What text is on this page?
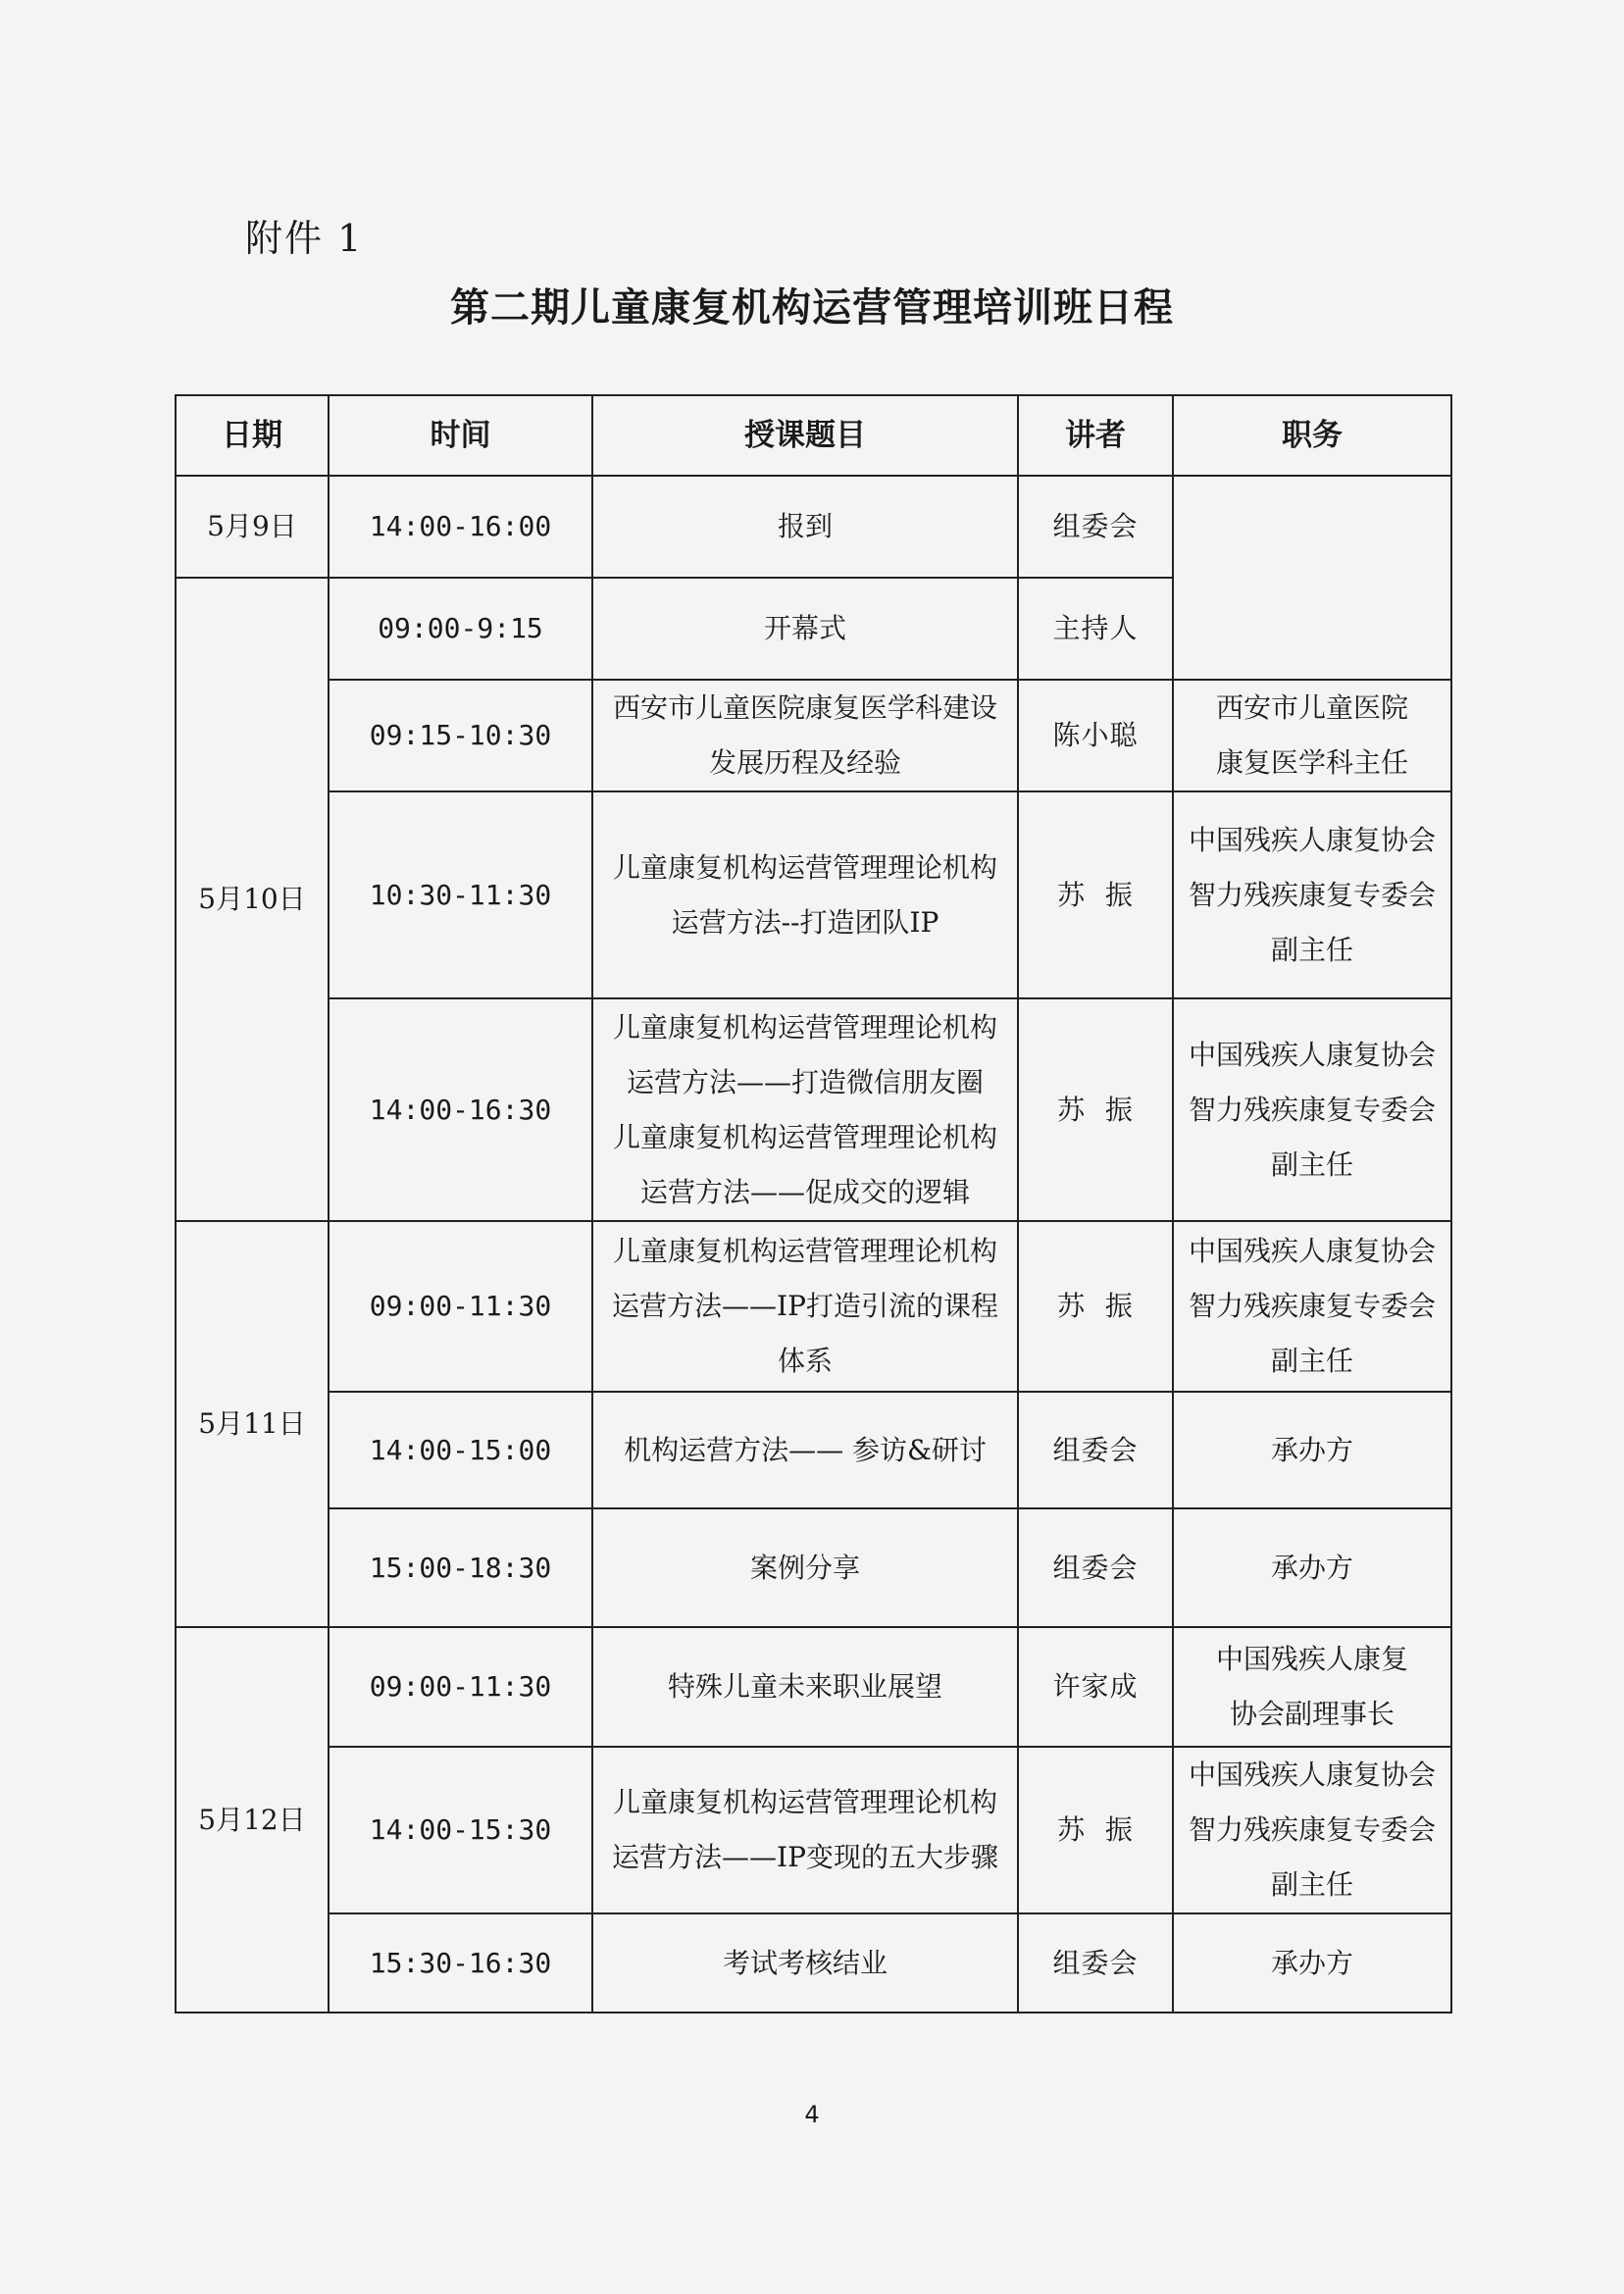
附件 1
第二期儿童康复机构运营管理培训班日程
日期	时间	授课题目	讲者	职务
5月9日	14:00-16:00	报到	组委会	
5月10日	09:00-9:15	开幕式	主持人	
	09:15-10:30	西安市儿童医院康复医学科建设
发展历程及经验	陈小聪	西安市儿童医院
康复医学科主任
	10:30-11:30	儿童康复机构运营管理理论机构
运营方法--打造团队IP	苏  振	中国残疾人康复协会
智力残疾康复专委会
副主任
	14:00-16:30	儿童康复机构运营管理理论机构
运营方法——打造微信朋友圈
儿童康复机构运营管理理论机构
运营方法——促成交的逻辑	苏  振	中国残疾人康复协会
智力残疾康复专委会
副主任
5月11日	09:00-11:30	儿童康复机构运营管理理论机构
运营方法——IP打造引流的课程
体系	苏  振	中国残疾人康复协会
智力残疾康复专委会
副主任
	14:00-15:00	机构运营方法—— 参访&研讨	组委会	承办方
	15:00-18:30	案例分享	组委会	承办方
5月12日	09:00-11:30	特殊儿童未来职业展望	许家成	中国残疾人康复
协会副理事长
	14:00-15:30	儿童康复机构运营管理理论机构
运营方法——IP变现的五大步骤	苏  振	中国残疾人康复协会
智力残疾康复专委会
副主任
	15:30-16:30	考试考核结业	组委会	承办方
4
